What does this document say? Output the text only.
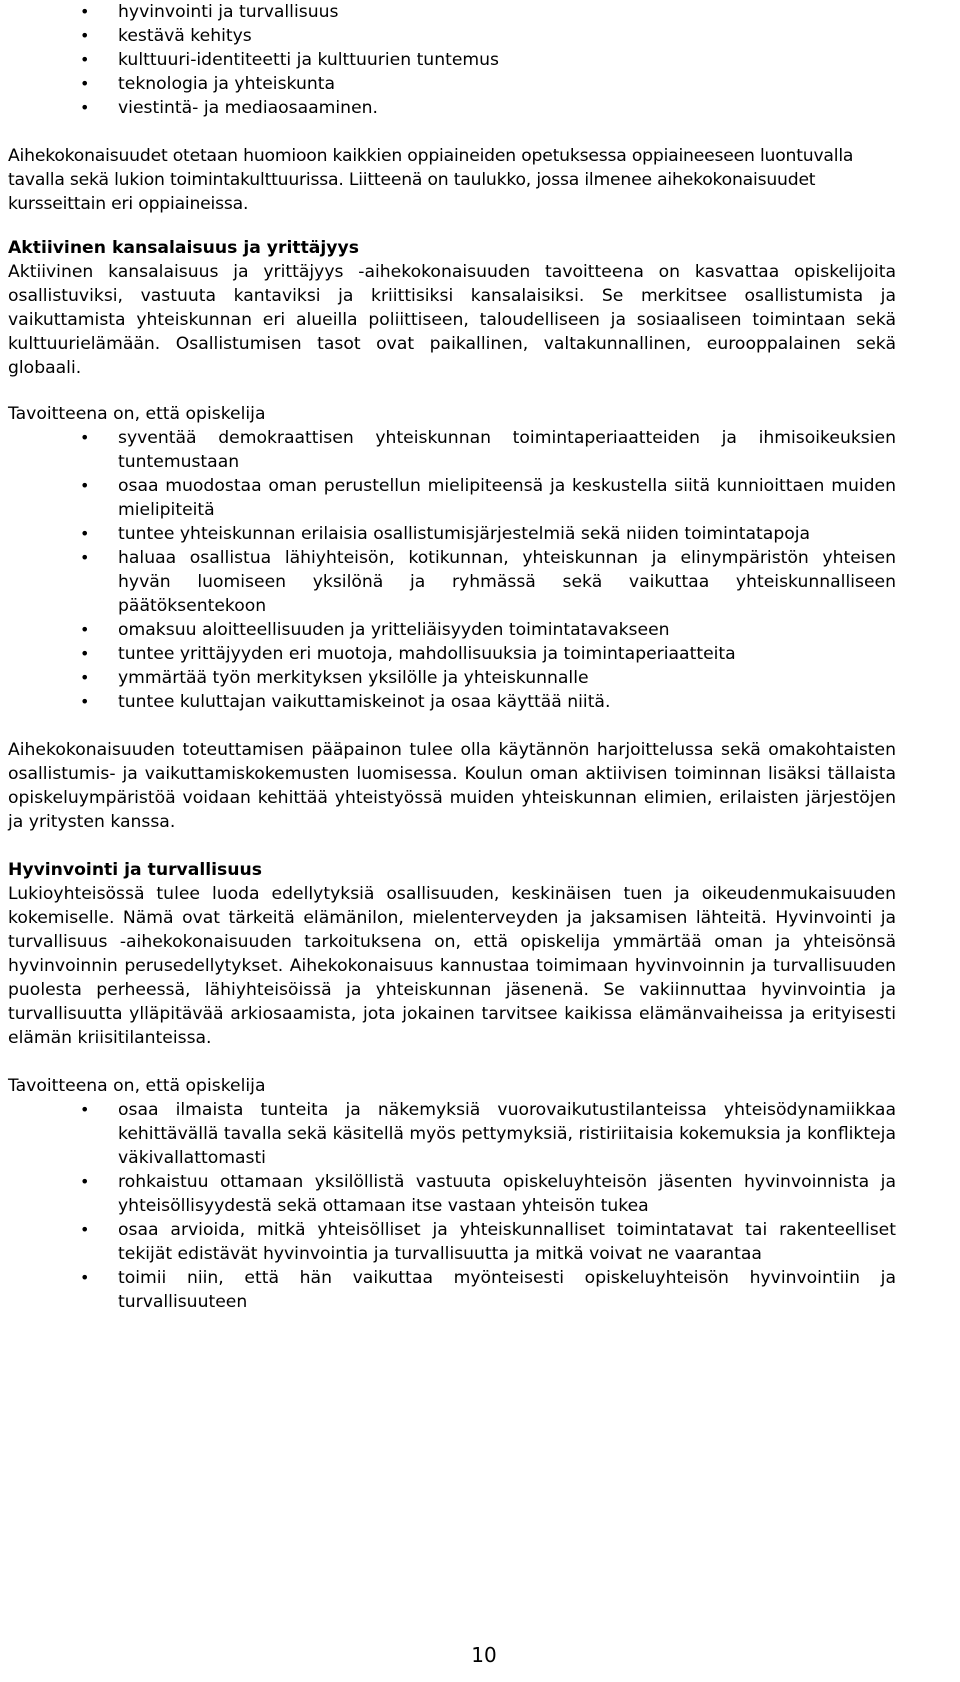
•	hyvinvointi ja turvallisuus
•	kestävä kehitys
•	kulttuuri-identiteetti ja kulttuurien tuntemus
•	teknologia ja yhteiskunta
•	viestintä- ja mediaosaaminen.

Aihekokonaisuudet otetaan huomioon kaikkien oppiaineiden opetuksessa oppiaineeseen luontuvalla tavalla sekä lukion toimintakulttuurissa. Liitteenä on taulukko, jossa ilmenee aihekokonaisuudet kursseittain eri oppiaineissa.

Aktiivinen kansalaisuus ja yrittäjyys

Aktiivinen kansalaisuus ja yrittäjyys -aihekokonaisuuden tavoitteena on kasvattaa opiskelijoita osallistuviksi, vastuuta kantaviksi ja kriittisiksi kansalaisiksi. Se merkitsee osallistumista ja vaikuttamista yhteiskunnan eri alueilla poliittiseen, taloudelliseen ja sosiaaliseen toimintaan sekä kulttuurielämään. Osallistumisen tasot ovat paikallinen, valtakunnallinen, eurooppalainen sekä globaali.

Tavoitteena on, että opiskelija

•	syventää demokraattisen yhteiskunnan toimintaperiaatteiden ja ihmisoikeuksien tuntemustaan
•	osaa muodostaa oman perustellun mielipiteensä ja keskustella siitä kunnioittaen muiden mielipiteitä
•	tuntee yhteiskunnan erilaisia osallistumisjärjestelmiä sekä niiden toimintatapoja
•	haluaa osallistua lähiyhteisön, kotikunnan, yhteiskunnan ja elinympäristön yhteisen hyvän luomiseen yksilönä ja ryhmässä sekä vaikuttaa yhteiskunnalliseen päätöksentekoon
•	omaksuu aloitteellisuuden ja yritteliäisyyden toimintatavakseen
•	tuntee yrittäjyyden eri muotoja, mahdollisuuksia ja toimintaperiaatteita
•	ymmärtää työn merkityksen yksilölle ja yhteiskunnalle
•	tuntee kuluttajan vaikuttamiskeinot ja osaa käyttää niitä.

Aihekokonaisuuden toteuttamisen pääpainon tulee olla käytännön harjoittelussa sekä omakohtaisten osallistumis- ja vaikuttamiskokemusten luomisessa. Koulun oman aktiivisen toiminnan lisäksi tällaista opiskeluympäristöä voidaan kehittää yhteistyössä muiden yhteiskunnan elimien, erilaisten järjestöjen ja yritysten kanssa.

Hyvinvointi ja turvallisuus

Lukioyhteisössä tulee luoda edellytyksiä osallisuuden, keskinäisen tuen ja oikeudenmukaisuuden kokemiselle. Nämä ovat tärkeitä elämänilon, mielenterveyden ja jaksamisen lähteitä. Hyvinvointi ja turvallisuus -aihekokonaisuuden tarkoituksena on, että opiskelija ymmärtää oman ja yhteisönsä hyvinvoinnin perusedellytykset. Aihekokonaisuus kannustaa toimimaan hyvinvoinnin ja turvallisuuden puolesta perheessä, lähiyhteisöissä ja yhteiskunnan jäsenenä. Se vakiinnuttaa hyvinvointia ja turvallisuutta ylläpitävää arkiosaamista, jota jokainen tarvitsee kaikissa elämänvaiheissa ja erityisesti elämän kriisitilanteissa.

Tavoitteena on, että opiskelija

•	osaa ilmaista tunteita ja näkemyksiä vuorovaikutustilanteissa yhteisödynamiikkaa kehittävällä tavalla sekä käsitellä myös pettymyksiä, ristiriitaisia kokemuksia ja konflikteja väkivallattomasti
•	rohkaistuu ottamaan yksilöllistä vastuuta opiskeluyhteisön jäsenten hyvinvoinnista ja yhteisöllisyydestä sekä ottamaan itse vastaan yhteisön tukea
•	osaa arvioida, mitkä yhteisölliset ja yhteiskunnalliset toimintatavat tai rakenteelliset tekijät edistävät hyvinvointia ja turvallisuutta ja mitkä voivat ne vaarantaa
•	toimii niin, että hän vaikuttaa myönteisesti opiskeluyhteisön hyvinvointiin ja turvallisuuteen
10
